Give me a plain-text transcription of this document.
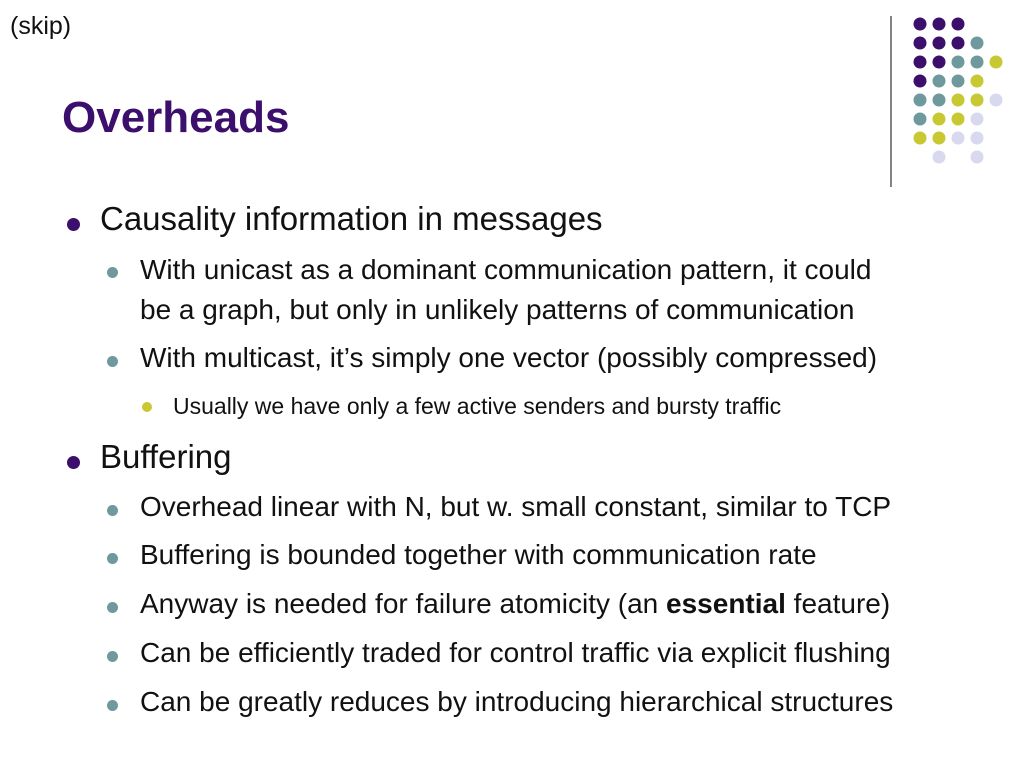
(skip)
Overheads
Causality information in messages
With unicast as a dominant communication pattern, it could
be a graph, but only in unlikely patterns of communication
With multicast, it’s simply one vector (possibly compressed)
Usually we have only a few active senders and bursty traffic
Buffering
Overhead linear with N, but w. small constant, similar to TCP
Buffering is bounded together with communication rate
Anyway is needed for failure atomicity (an essential feature)
Can be efficiently traded for control traffic via explicit flushing
Can be greatly reduces by introducing hierarchical structures
